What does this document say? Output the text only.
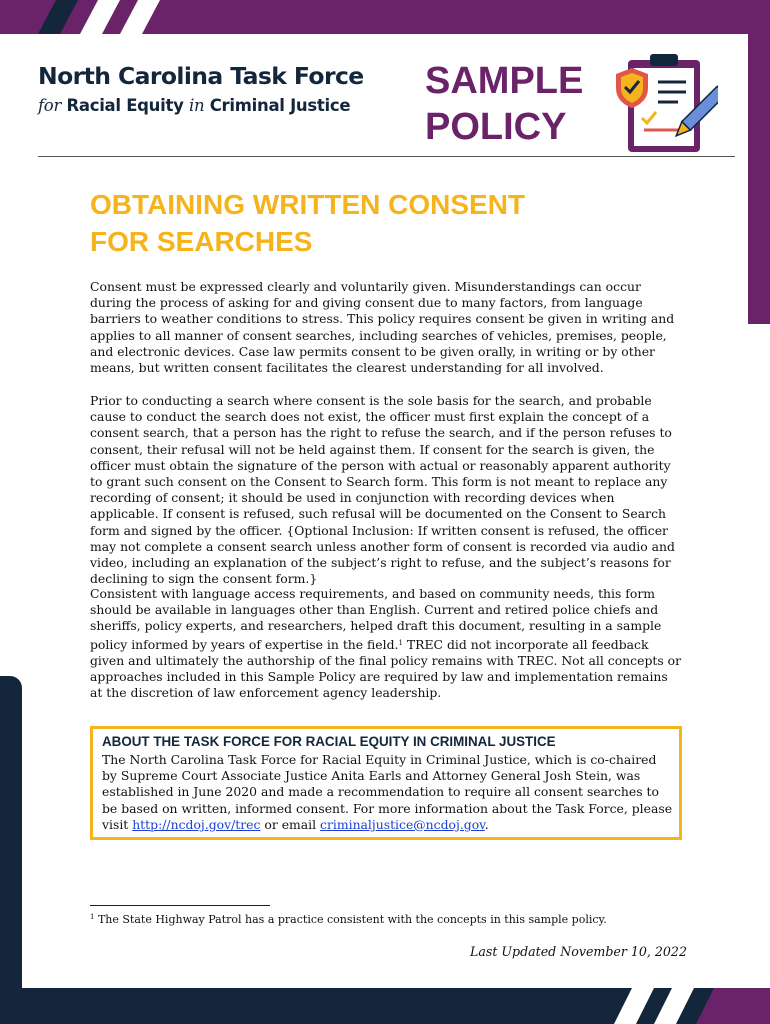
North Carolina Task Force
for Racial Equity in Criminal Justice
SAMPLE
POLICY
OBTAINING WRITTEN CONSENT
FOR SEARCHES
Consent must be expressed clearly and voluntarily given. Misunderstandings can occur during the process of asking for and giving consent due to many factors, from language barriers to weather conditions to stress. This policy requires consent be given in writing and applies to all manner of consent searches, including searches of vehicles, premises, people, and electronic devices. Case law permits consent to be given orally, in writing or by other means, but written consent facilitates the clearest understanding for all involved.
Prior to conducting a search where consent is the sole basis for the search, and probable cause to conduct the search does not exist, the officer must first explain the concept of a consent search, that a person has the right to refuse the search, and if the person refuses to consent, their refusal will not be held against them. If consent for the search is given, the officer must obtain the signature of the person with actual or reasonably apparent authority to grant such consent on the Consent to Search form. This form is not meant to replace any recording of consent; it should be used in conjunction with recording devices when applicable. If consent is refused, such refusal will be documented on the Consent to Search form and signed by the officer. {Optional Inclusion: If written consent is refused, the officer may not complete a consent search unless another form of consent is recorded via audio and video, including an explanation of the subject’s right to refuse, and the subject’s reasons for declining to sign the consent form.}
Consistent with language access requirements, and based on community needs, this form should be available in languages other than English. Current and retired police chiefs and sheriffs, policy experts, and researchers, helped draft this document, resulting in a sample policy informed by years of expertise in the field.$^1$ TREC did not incorporate all feedback given and ultimately the authorship of the final policy remains with TREC. Not all concepts or approaches included in this Sample Policy are required by law and implementation remains at the discretion of law enforcement agency leadership.
ABOUT THE TASK FORCE FOR RACIAL EQUITY IN CRIMINAL JUSTICE
The North Carolina Task Force for Racial Equity in Criminal Justice, which is co-chaired by Supreme Court Associate Justice Anita Earls and Attorney General Josh Stein, was established in June 2020 and made a recommendation to require all consent searches to be based on written, informed consent. For more information about the Task Force, please visit http://ncdoj.gov/trec or email criminaljustice@ncdoj.gov.
$^1$ The State Highway Patrol has a practice consistent with the concepts in this sample policy.
Last Updated November 10, 2022
